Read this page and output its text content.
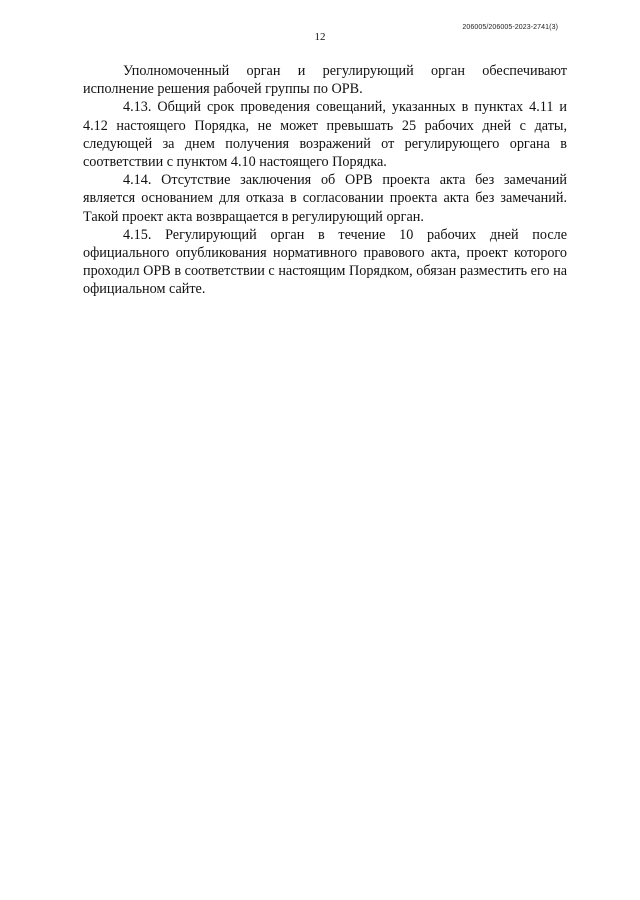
206005/206005-2023-2741(3)
12

Уполномоченный орган и регулирующий орган обеспечивают исполнение решения рабочей группы по ОРВ.

4.13. Общий срок проведения совещаний, указанных в пунктах 4.11 и 4.12 настоящего Порядка, не может превышать 25 рабочих дней с даты, следующей за днем получения возражений от регулирующего органа в соответствии с пунктом 4.10 настоящего Порядка.

4.14. Отсутствие заключения об ОРВ проекта акта без замечаний является основанием для отказа в согласовании проекта акта без замечаний. Такой проект акта возвращается в регулирующий орган.

4.15. Регулирующий орган в течение 10 рабочих дней после официального опубликования нормативного правового акта, проект которого проходил ОРВ в соответствии с настоящим Порядком, обязан разместить его на официальном сайте.
